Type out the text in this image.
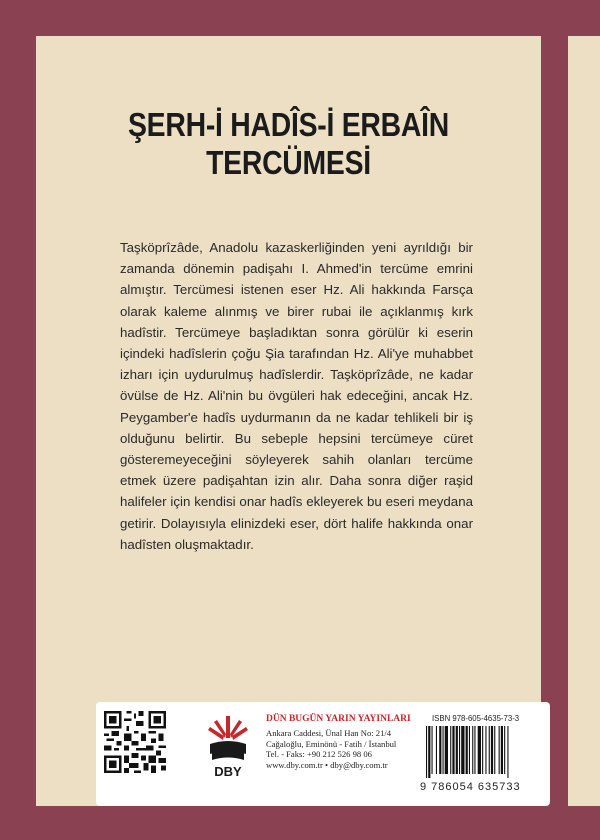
ŞERH-İ HADÎS-İ ERBAÎN
TERCÜMESİ
Taşköprîzâde, Anadolu kazaskerliğinden yeni ayrıldığı bir zamanda dönemin padişahı I. Ahmed'in tercüme emrini almıştır. Tercümesi istenen eser Hz. Ali hakkında Farsça olarak kaleme alınmış ve birer rubai ile açıklanmış kırk hadîstir. Tercümeye başladıktan sonra görülür ki eserin içindeki hadîslerin çoğu Şia tarafından Hz. Ali'ye muhabbet izharı için uydurulmuş hadîslerdir. Taşköprîzâde, ne kadar övülse de Hz. Ali'nin bu övgüleri hak edeceğini, ancak Hz. Peygamber'e hadîs uydurmanın da ne kadar tehlikeli bir iş olduğunu belirtir. Bu sebeple hepsini tercümeye cüret gösteremeyeceğini söyleyerek sahih olanları tercüme etmek üzere padişahtan izin alır. Daha sonra diğer raşid halifeler için kendisi onar hadîs ekleyerek bu eseri meydana getirir. Dolayısıyla elinizdeki eser, dört halife hakkında onar hadîsten oluşmaktadır.
DBY
DÜN BUGÜN YARIN YAYINLARI
Ankara Caddesi, Ünal Han No: 21/4
Cağaloğlu, Eminönü - Fatih / İstanbul
Tel. - Faks: +90 212 526 98 06
www.dby.com.tr • dby@dby.com.tr
ISBN 978-605-4635-73-3
9 786054 635733
